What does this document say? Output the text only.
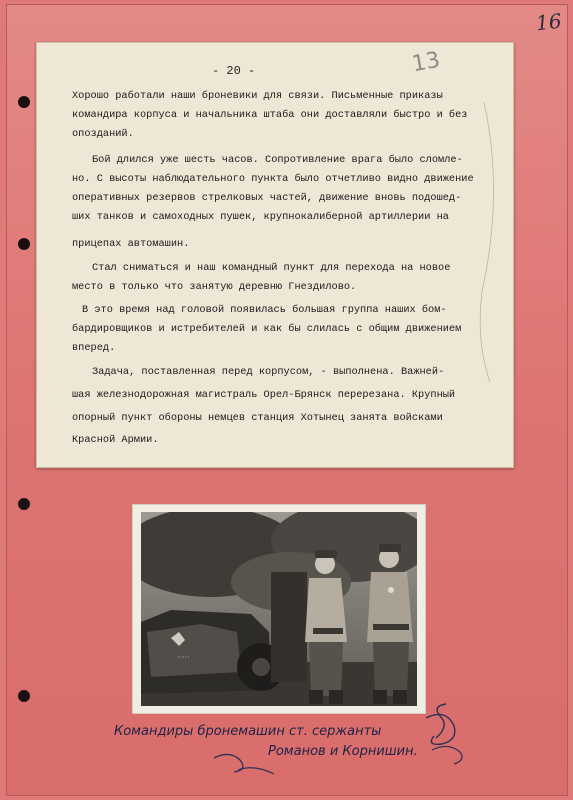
16
- 20 -	13
Хорошо работали наши броневики для связи. Письменные приказы
командира корпуса и начальника штаба они доставляли быстро и без
опозданий.
Бой длился уже шесть часов. Сопротивление врага было сломле-
но. С высоты наблюдательного пункта было отчетливо видно движение
оперативных резервов стрелковых частей, движение вновь подошед-
ших танков и самоходных пушек, крупнокалиберной артиллерии на
прицепах автомашин.
Стал сниматься и наш командный пункт для перехода на новое
место в только что занятую деревню Гнездилово.
В это время над головой появилась большая группа наших бом-
бардировщиков и истребителей и как бы слилась с общим движением
вперед.
Задача, поставленная перед корпусом, - выполнена. Важней-
шая железнодорожная магистраль Орел-Брянск перерезана. Крупный
опорный пункт обороны немцев станция Хотынец занята войсками
Красной Армии.
·····
Командиры бронемашин ст. сержанты
Романов и Корнишин.
